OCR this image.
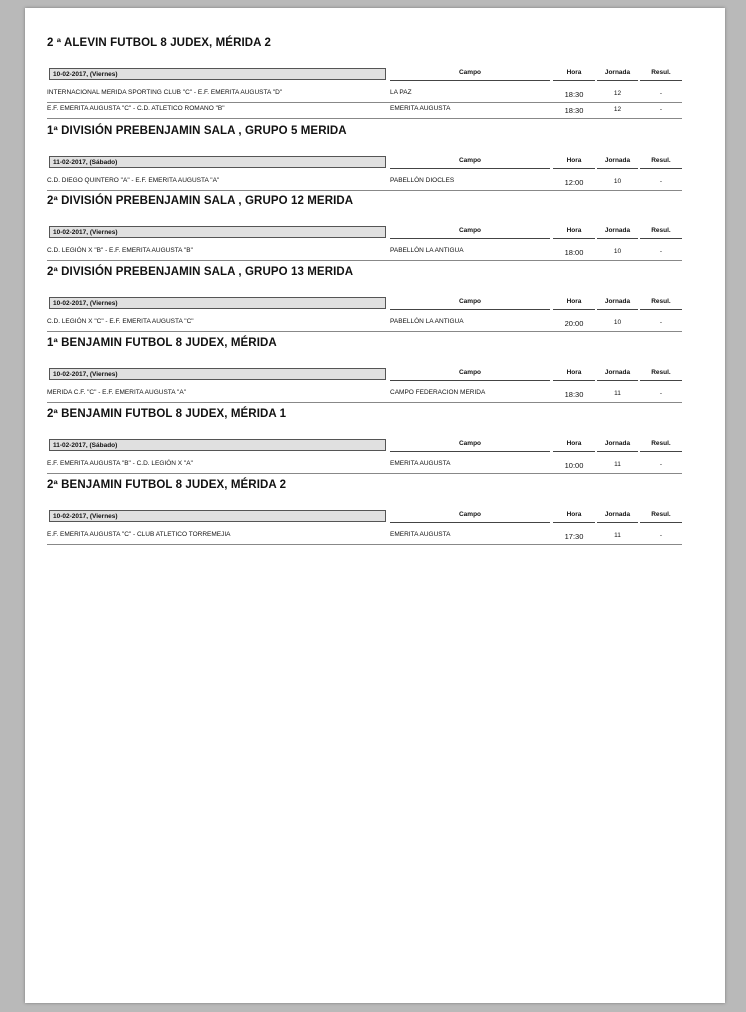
2 ª ALEVIN FUTBOL 8 JUDEX, MÉRIDA 2
10-02-2017, (Viernes)	Campo	Hora	Jornada	Resul.
INTERNACIONAL MERIDA SPORTING CLUB "C" - E.F. EMERITA AUGUSTA "D"	LA PAZ	18:30	12	-
E.F. EMERITA AUGUSTA "C" - C.D. ATLETICO ROMANO "B"	EMERITA AUGUSTA	18:30	12	-
1ª DIVISIÓN PREBENJAMIN SALA , GRUPO 5 MERIDA
11-02-2017, (Sábado)	Campo	Hora	Jornada	Resul.
C.D. DIEGO QUINTERO "A" - E.F. EMERITA AUGUSTA "A"	PABELLÓN DIOCLES	12:00	10	-
2ª DIVISIÓN PREBENJAMIN SALA , GRUPO 12 MERIDA
10-02-2017, (Viernes)	Campo	Hora	Jornada	Resul.
C.D. LEGIÓN X "B" - E.F. EMERITA AUGUSTA "B"	PABELLÓN LA ANTIGUA	18:00	10	-
2ª DIVISIÓN PREBENJAMIN SALA , GRUPO 13 MERIDA
10-02-2017, (Viernes)	Campo	Hora	Jornada	Resul.
C.D. LEGIÓN X "C" - E.F. EMERITA AUGUSTA "C"	PABELLÓN LA ANTIGUA	20:00	10	-
1ª BENJAMIN FUTBOL 8 JUDEX, MÉRIDA
10-02-2017, (Viernes)	Campo	Hora	Jornada	Resul.
MERIDA C.F. "C" - E.F. EMERITA AUGUSTA "A"	CAMPO FEDERACION MERIDA	18:30	11	-
2ª BENJAMIN FUTBOL 8 JUDEX, MÉRIDA 1
11-02-2017, (Sábado)	Campo	Hora	Jornada	Resul.
E.F. EMERITA AUGUSTA "B" - C.D. LEGIÓN X "A"	EMERITA AUGUSTA	10:00	11	-
2ª BENJAMIN FUTBOL 8 JUDEX, MÉRIDA 2
10-02-2017, (Viernes)	Campo	Hora	Jornada	Resul.
E.F. EMERITA AUGUSTA "C" - CLUB ATLETICO TORREMEJIA	EMERITA AUGUSTA	17:30	11	-
